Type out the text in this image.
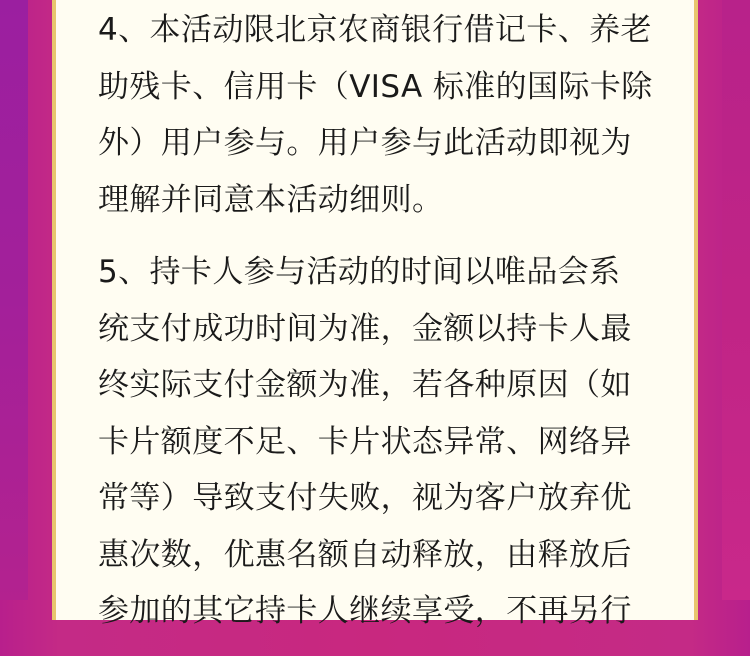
4、本活动限北京农商银行借记卡、养老
助残卡、信用卡（VISA 标准的国际卡除
外）用户参与。用户参与此活动即视为
理解并同意本活动细则。
5、持卡人参与活动的时间以唯品会系
统支付成功时间为准，金额以持卡人最
终实际支付金额为准，若各种原因（如
卡片额度不足、卡片状态异常、网络异
常等）导致支付失败，视为客户放弃优
惠次数，优惠名额自动释放，由释放后
参加的其它持卡人继续享受，不再另行
